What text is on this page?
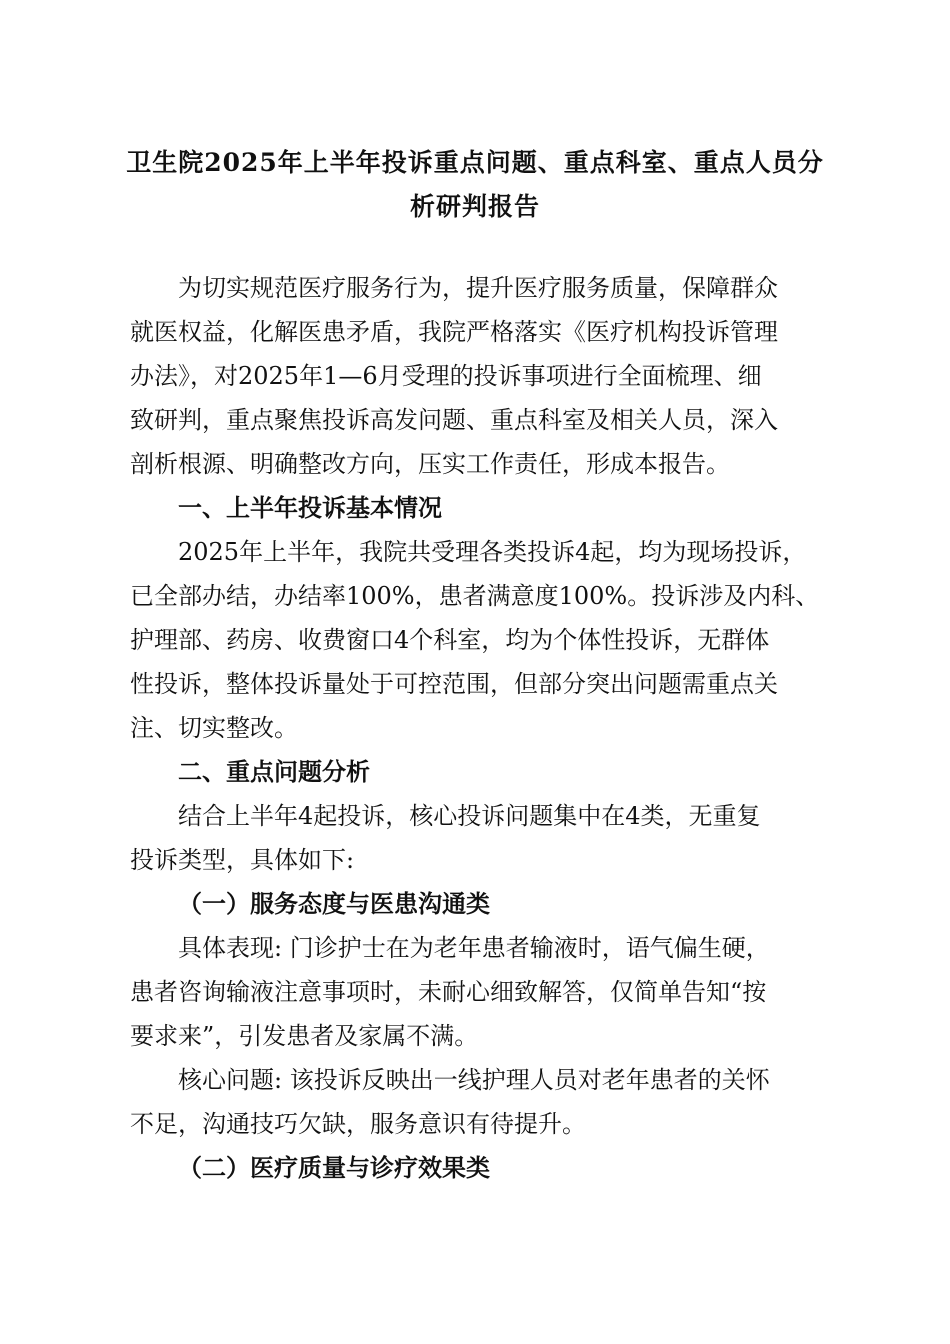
卫生院2025年上半年投诉重点问题、重点科室、重点人员分
析研判报告
为切实规范医疗服务行为，提升医疗服务质量，保障群众
就医权益，化解医患矛盾，我院严格落实《医疗机构投诉管理
办法》，对2025年1—6月受理的投诉事项进行全面梳理、细
致研判，重点聚焦投诉高发问题、重点科室及相关人员，深入
剖析根源、明确整改方向，压实工作责任，形成本报告。
一、上半年投诉基本情况
2025年上半年，我院共受理各类投诉4起，均为现场投诉，
已全部办结，办结率100%，患者满意度100%。投诉涉及内科、
护理部、药房、收费窗口4个科室，均为个体性投诉，无群体
性投诉，整体投诉量处于可控范围，但部分突出问题需重点关
注、切实整改。
二、重点问题分析
结合上半年4起投诉，核心投诉问题集中在4类，无重复
投诉类型，具体如下:
（一）服务态度与医患沟通类
具体表现: 门诊护士在为老年患者输液时，语气偏生硬，
患者咨询输液注意事项时，未耐心细致解答，仅简单告知“按
要求来”，引发患者及家属不满。
核心问题: 该投诉反映出一线护理人员对老年患者的关怀
不足，沟通技巧欠缺，服务意识有待提升。
（二）医疗质量与诊疗效果类
